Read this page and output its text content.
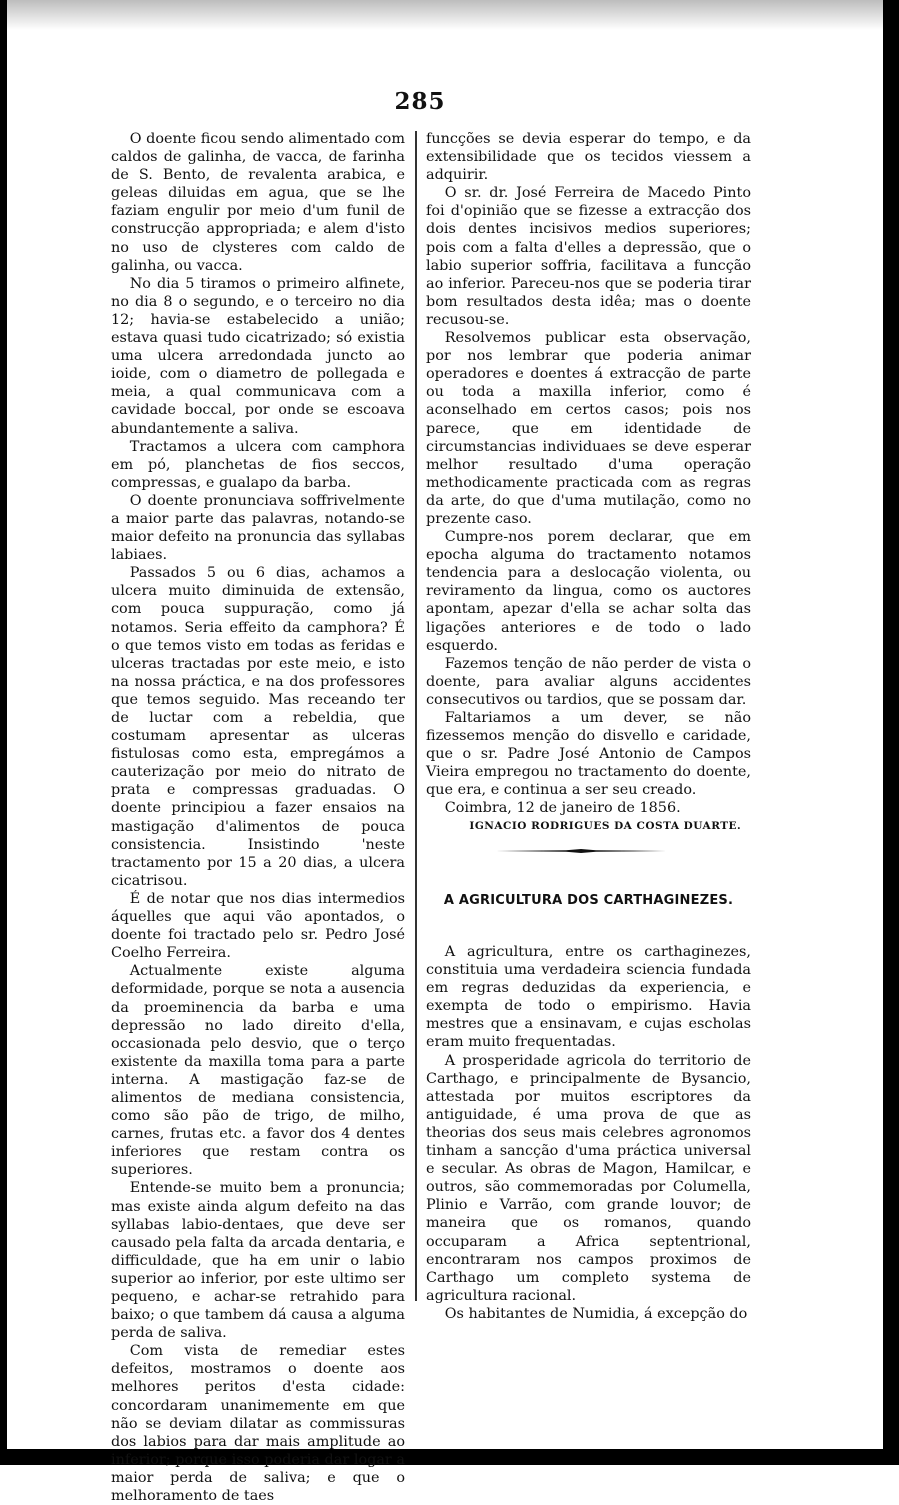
285

O doente ficou sendo alimentado com caldos de galinha, de vacca, de farinha de S. Bento, de revalenta arabica, e geleas diluidas em agua, que se lhe faziam engulir por meio d'um funil de construcção appropriada; e alem d'isto no uso de clysteres com caldo de galinha, ou vacca.

No dia 5 tiramos o primeiro alfinete, no dia 8 o segundo, e o terceiro no dia 12; havia-se estabelecido a união; estava quasi tudo cicatrizado; só existia uma ulcera arredondada juncto ao ioide, com o diametro de pollegada e meia, a qual communicava com a cavidade boccal, por onde se escoava abundantemente a saliva.

Tractamos a ulcera com camphora em pó, planchetas de fios seccos, compressas, e gualapo da barba.

O doente pronunciava soffrivelmente a maior parte das palavras, notando-se maior defeito na pronuncia das syllabas labiaes.

Passados 5 ou 6 dias, achamos a ulcera muito diminuida de extensão, com pouca suppuração, como já notamos. Seria effeito da camphora? É o que temos visto em todas as feridas e ulceras tractadas por este meio, e isto na nossa práctica, e na dos professores que temos seguido. Mas receando ter de luctar com a rebeldia, que costumam apresentar as ulceras fistulosas como esta, empregámos a cauterização por meio do nitrato de prata e compressas graduadas. O doente principiou a fazer ensaios na mastigação d'alimentos de pouca consistencia. Insistindo 'neste tractamento por 15 a 20 dias, a ulcera cicatrisou.

É de notar que nos dias intermedios áquelles que aqui vão apontados, o doente foi tractado pelo sr. Pedro José Coelho Ferreira.

Actualmente existe alguma deformidade, porque se nota a ausencia da proeminencia da barba e uma depressão no lado direito d'ella, occasionada pelo desvio, que o terço existente da maxilla toma para a parte interna. A mastigação faz-se de alimentos de mediana consistencia, como são pão de trigo, de milho, carnes, frutas etc. a favor dos 4 dentes inferiores que restam contra os superiores.

Entende-se muito bem a pronuncia; mas existe ainda algum defeito na das syllabas labio-dentaes, que deve ser causado pela falta da arcada dentaria, e difficuldade, que ha em unir o labio superior ao inferior, por este ultimo ser pequeno, e achar-se retrahido para baixo; o que tambem dá causa a alguma perda de saliva.

Com vista de remediar estes defeitos, mostramos o doente aos melhores peritos d'esta cidade: concordaram unanimemente em que não se deviam dilatar as commissuras dos labios para dar mais amplitude ao inferior; porque isso poderia dar logar a maior perda de saliva; e que o melhoramento de taes

funcções se devia esperar do tempo, e da extensibilidade que os tecidos viessem a adquirir.

O sr. dr. José Ferreira de Macedo Pinto foi d'opinião que se fizesse a extracção dos dois dentes incisivos medios superiores; pois com a falta d'elles a depressão, que o labio superior soffria, facilitava a funcção ao inferior. Pareceu-nos que se poderia tirar bom resultados desta idêa; mas o doente recusou-se.

Resolvemos publicar esta observação, por nos lembrar que poderia animar operadores e doentes á extracção de parte ou toda a maxilla inferior, como é aconselhado em certos casos; pois nos parece, que em identidade de circumstancias individuaes se deve esperar melhor resultado d'uma operação methodicamente practicada com as regras da arte, do que d'uma mutilação, como no prezente caso.

Cumpre-nos porem declarar, que em epocha alguma do tractamento notamos tendencia para a deslocação violenta, ou reviramento da lingua, como os auctores apontam, apezar d'ella se achar solta das ligações anteriores e de todo o lado esquerdo.

Fazemos tenção de não perder de vista o doente, para avaliar alguns accidentes consecutivos ou tardios, que se possam dar.

Faltariamos a um dever, se não fizessemos menção do disvello e caridade, que o sr. Padre José Antonio de Campos Vieira empregou no tractamento do doente, que era, e continua a ser seu creado.

Coimbra, 12 de janeiro de 1856.

IGNACIO RODRIGUES DA COSTA DUARTE.

A AGRICULTURA DOS CARTHAGINEZES.

A agricultura, entre os carthaginezes, constituia uma verdadeira sciencia fundada em regras deduzidas da experiencia, e exempta de todo o empirismo. Havia mestres que a ensinavam, e cujas escholas eram muito frequentadas.

A prosperidade agricola do territorio de Carthago, e principalmente de Bysancio, attestada por muitos escriptores da antiguidade, é uma prova de que as theorias dos seus mais celebres agronomos tinham a sancção d'uma práctica universal e secular. As obras de Magon, Hamilcar, e outros, são commemoradas por Columella, Plinio e Varrão, com grande louvor; de maneira que os romanos, quando occuparam a Africa septentrional, encontraram nos campos proximos de Carthago um completo systema de agricultura racional.

Os habitantes de Numidia, á excepção do
